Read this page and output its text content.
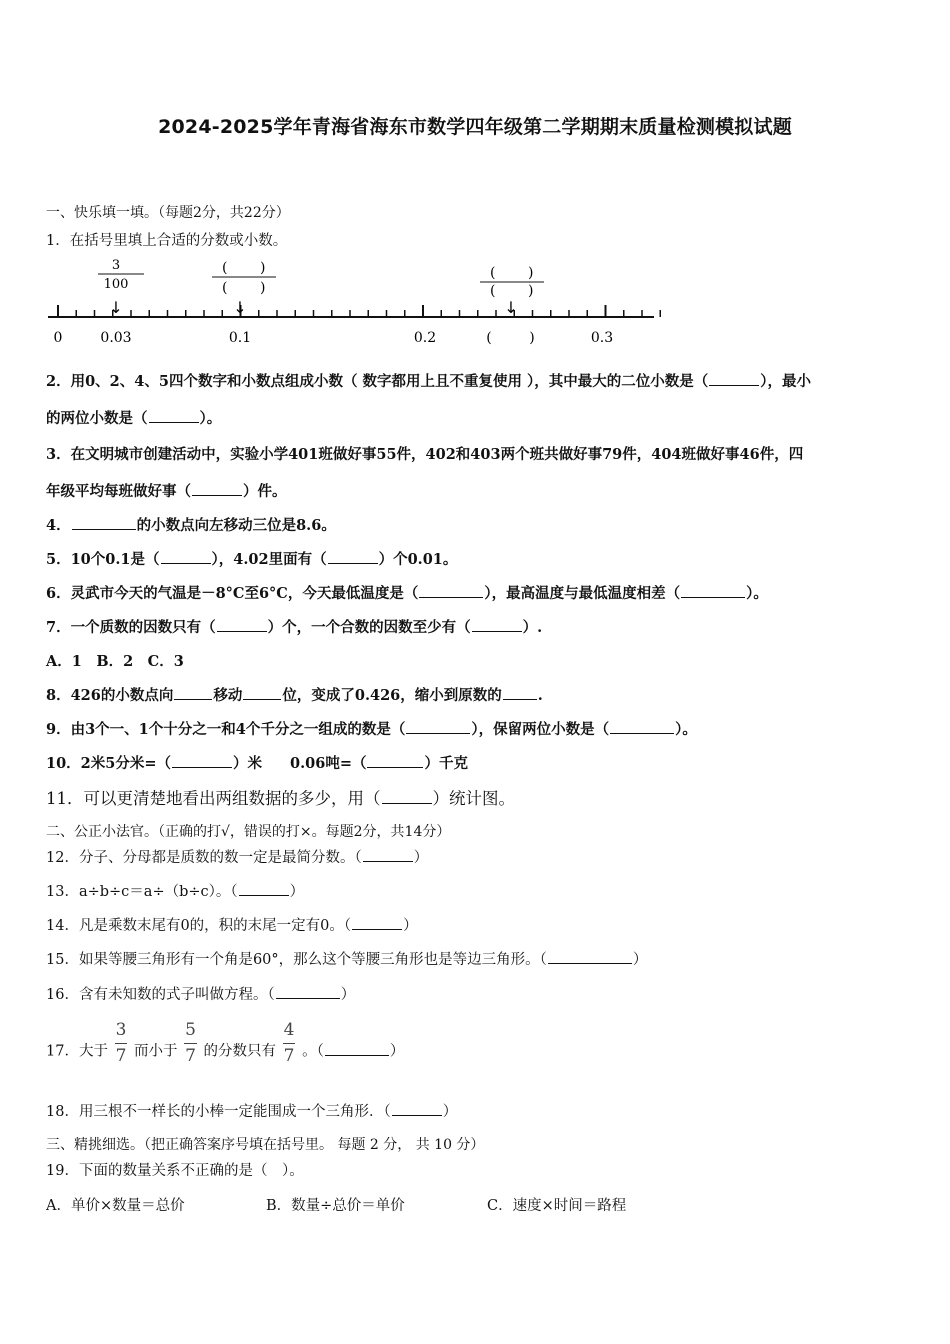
2024-2025学年青海省海东市数学四年级第二学期期末质量检测模拟试题
一、快乐填一填。（每题2分，共22分）
1．在括号里填上合适的分数或小数。
3
100
↓
( )
( )
↓
( )
( )
↓
0	0.03	0.1	0.2	(	)	0.3
2．用0、2、4、5四个数字和小数点组成小数（ 数字都用上且不重复使用 ），其中最大的二位小数是（	），最小
的两位小数是（	）。
3．在文明城市创建活动中，实验小学401班做好事55件，402和403两个班共做好事79件，404班做好事46件，四
年级平均每班做好事（	）件。
4．	的小数点向左移动三位是8.6。
5．10个0.1是（	），4.02里面有（	）个0.01。
6．灵武市今天的气温是－8°C至6°C，今天最低温度是（	），最高温度与最低温度相差（	）。
7．一个质数的因数只有（	）个，一个合数的因数至少有（	）.
A．1　B．2　C．3
8．426的小数点向	移动	位，变成了0.426，缩小到原数的 .
9．由3个一、1个十分之一和4个千分之一组成的数是（	），保留两位小数是（	）。
10．2米5分米=（	）米 0.06吨=（	）千克
11．可以更清楚地看出两组数据的多少，用（	）统计图。
二、公正小法官。（正确的打√，错误的打×。每题2分，共14分）
12．分子、分母都是质数的数一定是最简分数。（	）
13．a÷b÷c＝a÷（b÷c）。（	）
14．凡是乘数末尾有0的，积的末尾一定有0。（	）
15．如果等腰三角形有一个角是60°，那么这个等腰三角形也是等边三角形。（	）
16．含有未知数的式子叫做方程。（	）
17．大于 $\frac{3}{7}$ 而小于 $\frac{5}{7}$ 的分数只有 $\frac{4}{7}$ 。（	）
18．用三根不一样长的小棒一定能围成一个三角形．（	）
三、精挑细选。（把正确答案序号填在括号里。 每题 2 分， 共 10 分）
19．下面的数量关系不正确的是（　）。
A．单价×数量＝总价	B．数量÷总价＝单价	C．速度×时间＝路程
